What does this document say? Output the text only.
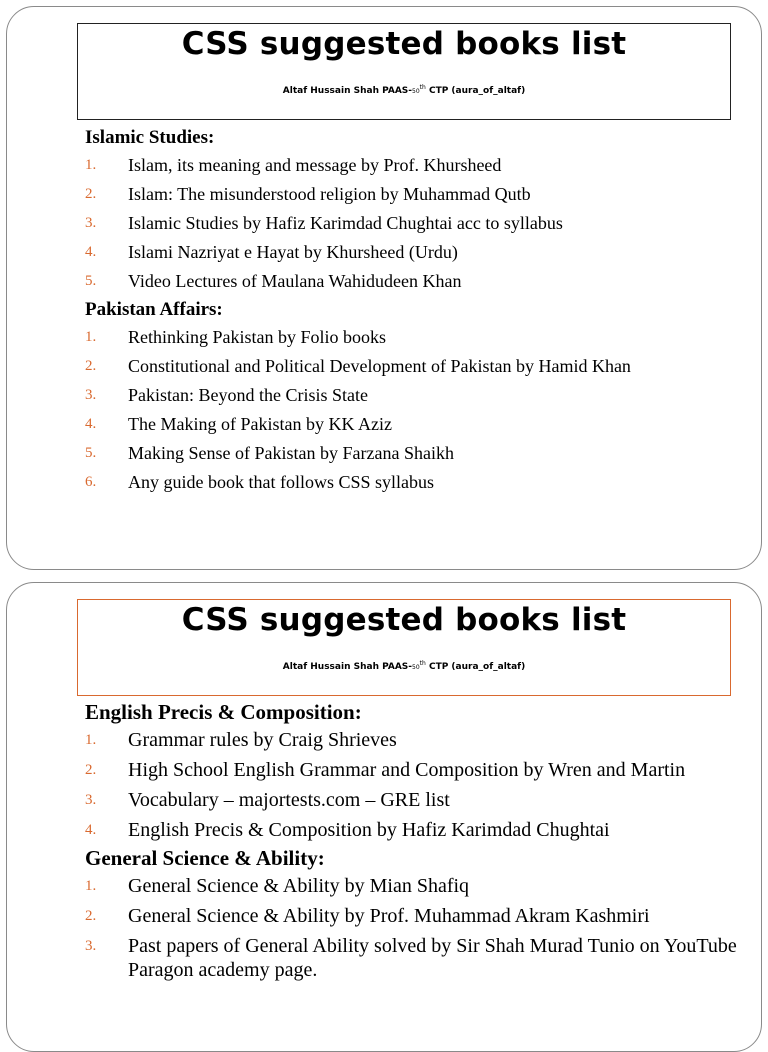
CSS suggested books list
Altaf Hussain Shah PAAS-50th CTP (aura_of_altaf)
Islamic Studies:
1. Islam, its meaning and message by Prof. Khursheed
2. Islam: The misunderstood religion by Muhammad Qutb
3. Islamic Studies by Hafiz Karimdad Chughtai acc to syllabus
4. Islami Nazriyat e Hayat by Khursheed (Urdu)
5. Video Lectures of Maulana Wahidudeen Khan
Pakistan Affairs:
1. Rethinking Pakistan by Folio books
2. Constitutional and Political Development of Pakistan by Hamid Khan
3. Pakistan: Beyond the Crisis State
4. The Making of Pakistan by KK Aziz
5. Making Sense of Pakistan by Farzana Shaikh
6. Any guide book that follows CSS syllabus
CSS suggested books list
Altaf Hussain Shah PAAS-50th CTP (aura_of_altaf)
English Precis & Composition:
1. Grammar rules by Craig Shrieves
2. High School English Grammar and Composition by Wren and Martin
3. Vocabulary – majortests.com – GRE list
4. English Precis & Composition by Hafiz Karimdad Chughtai
General Science & Ability:
1. General Science & Ability by Mian Shafiq
2. General Science & Ability by Prof. Muhammad Akram Kashmiri
3. Past papers of General Ability solved by Sir Shah Murad Tunio on YouTube Paragon academy page.
